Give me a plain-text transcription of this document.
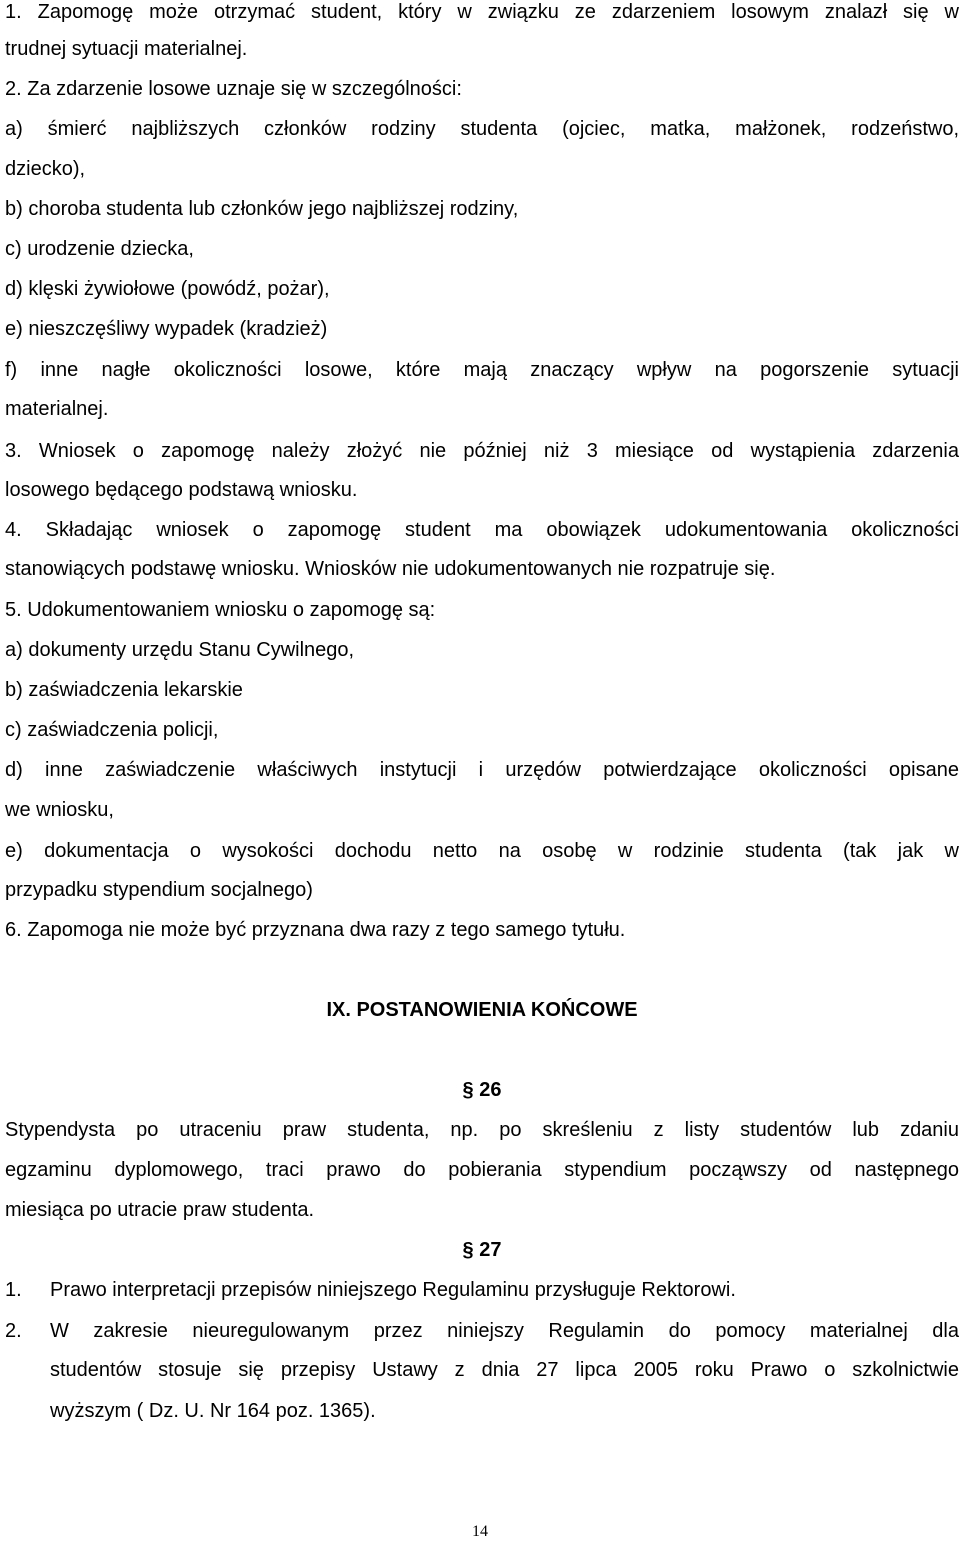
1. Zapomogę może otrzymać student, który w związku ze zdarzeniem losowym znalazł się w
trudnej sytuacji materialnej.
2. Za zdarzenie losowe uznaje się w szczególności:
a) śmierć najbliższych członków rodziny studenta (ojciec, matka, małżonek, rodzeństwo,
dziecko),
b) choroba studenta lub członków jego najbliższej rodziny,
c) urodzenie dziecka,
d) klęski żywiołowe (powódź, pożar),
e) nieszczęśliwy wypadek (kradzież)
f) inne nagłe okoliczności losowe, które mają znaczący wpływ na pogorszenie sytuacji
materialnej.
3. Wniosek o zapomogę należy złożyć nie później niż 3 miesiące od wystąpienia zdarzenia
losowego będącego podstawą wniosku.
4. Składając wniosek o zapomogę student ma obowiązek udokumentowania okoliczności
stanowiących podstawę wniosku. Wniosków nie udokumentowanych nie rozpatruje się.
5. Udokumentowaniem wniosku o zapomogę są:
a) dokumenty urzędu Stanu Cywilnego,
b) zaświadczenia lekarskie
c) zaświadczenia policji,
d) inne zaświadczenie właściwych instytucji i urzędów potwierdzające okoliczności opisane
we wniosku,
e) dokumentacja o wysokości dochodu netto na osobę w rodzinie studenta (tak jak w
przypadku stypendium socjalnego)
6. Zapomoga nie może być przyznana dwa razy z tego samego tytułu.
IX. POSTANOWIENIA KOŃCOWE
§ 26
Stypendysta po utraceniu praw studenta, np. po skreśleniu z listy studentów lub zdaniu
egzaminu dyplomowego, traci prawo do pobierania stypendium począwszy od następnego
miesiąca po utracie praw studenta.
§ 27
1.	Prawo interpretacji przepisów niniejszego Regulaminu przysługuje Rektorowi.
2.	W zakresie nieuregulowanym przez niniejszy Regulamin do pomocy materialnej dla
studentów stosuje się przepisy Ustawy z dnia 27 lipca 2005 roku Prawo o szkolnictwie
wyższym ( Dz. U. Nr 164 poz. 1365).
14
